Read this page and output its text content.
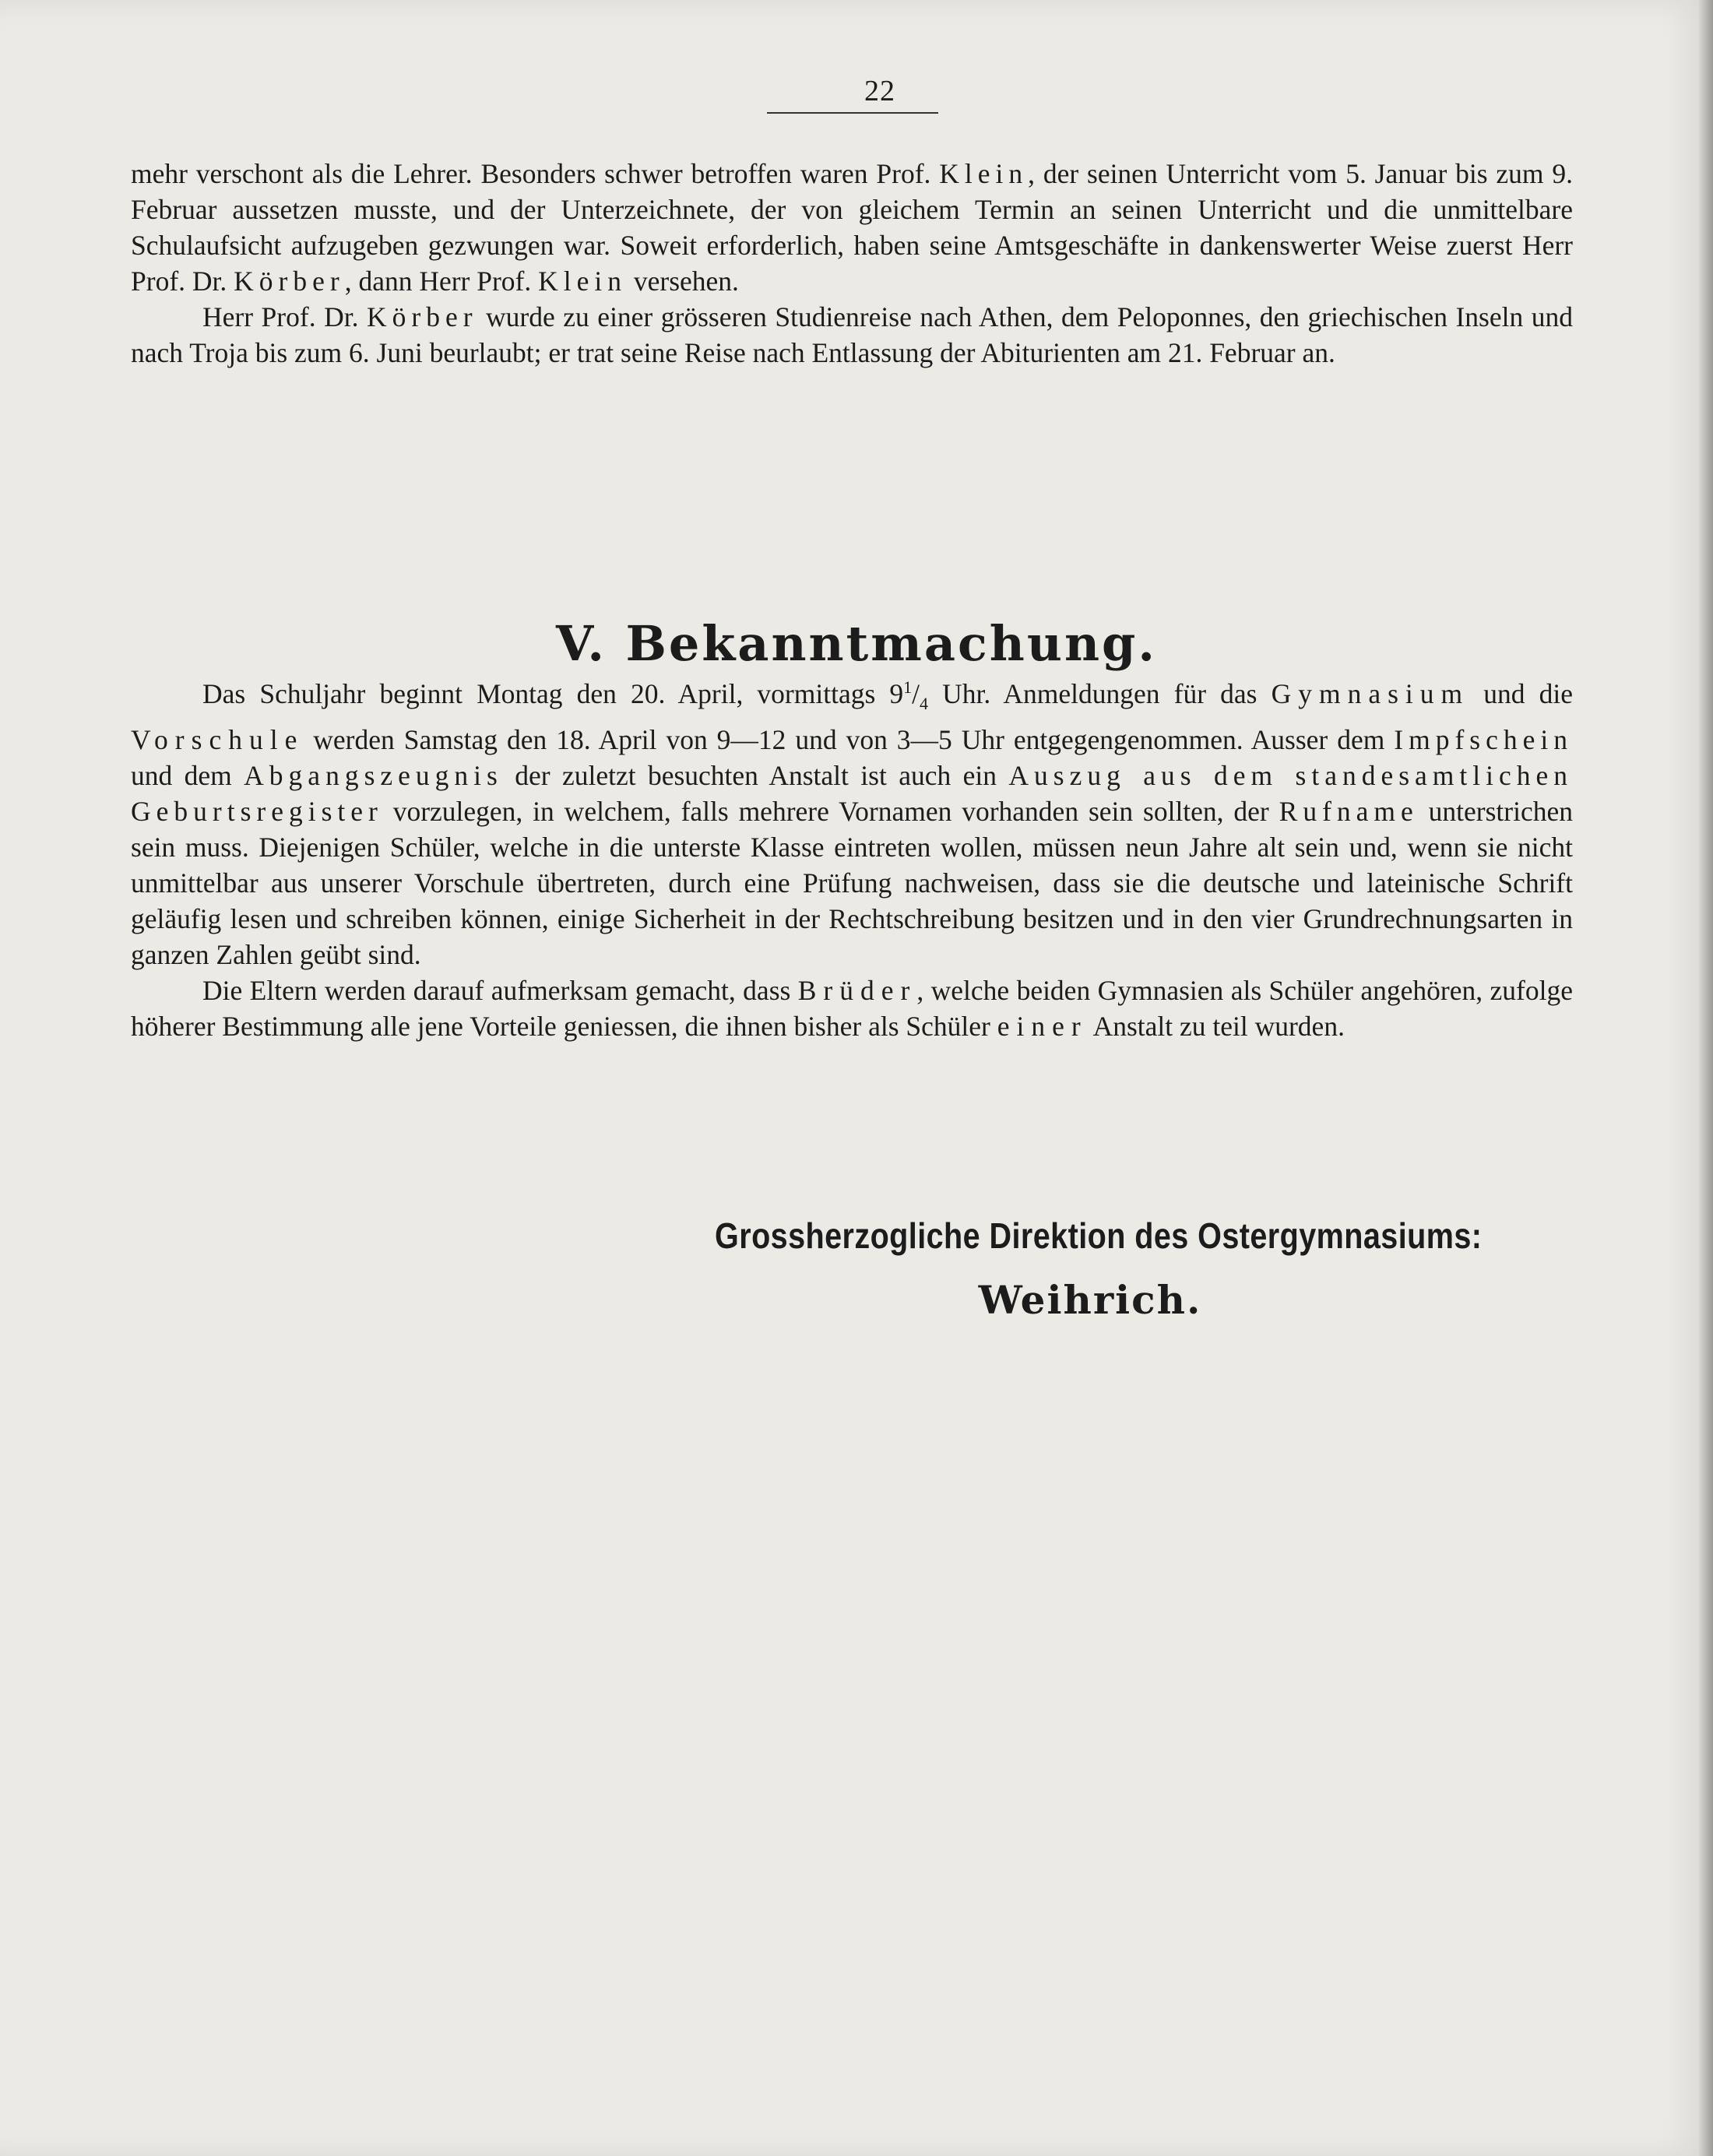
22

mehr verschont als die Lehrer. Besonders schwer betroffen waren Prof. Klein, der seinen Unterricht vom 5. Januar bis zum 9. Februar aussetzen musste, und der Unterzeichnete, der von gleichem Termin an seinen Unterricht und die unmittelbare Schulaufsicht aufzugeben gezwungen war. Soweit erforderlich, haben seine Amtsgeschäfte in dankenswerter Weise zuerst Herr Prof. Dr. Körber, dann Herr Prof. Klein versehen.

Herr Prof. Dr. Körber wurde zu einer grösseren Studienreise nach Athen, dem Peloponnes, den griechischen Inseln und nach Troja bis zum 6. Juni beurlaubt; er trat seine Reise nach Entlassung der Abiturienten am 21. Februar an.

V. Bekanntmachung.

Das Schuljahr beginnt Montag den 20. April, vormittags $9^1/_4$ Uhr. Anmeldungen für das Gymnasium und die Vorschule werden Samstag den 18. April von 9—12 und von 3—5 Uhr entgegengenommen. Ausser dem Impfschein und dem Abgangszeugnis der zuletzt besuchten Anstalt ist auch ein Auszug aus dem standesamtlichen Geburtsregister vorzulegen, in welchem, falls mehrere Vornamen vorhanden sein sollten, der Rufname unterstrichen sein muss. Diejenigen Schüler, welche in die unterste Klasse eintreten wollen, müssen neun Jahre alt sein und, wenn sie nicht unmittelbar aus unserer Vorschule übertreten, durch eine Prüfung nachweisen, dass sie die deutsche und lateinische Schrift geläufig lesen und schreiben können, einige Sicherheit in der Rechtschreibung besitzen und in den vier Grundrechnungsarten in ganzen Zahlen geübt sind.

Die Eltern werden darauf aufmerksam gemacht, dass Brüder, welche beiden Gymnasien als Schüler angehören, zufolge höherer Bestimmung alle jene Vorteile geniessen, die ihnen bisher als Schüler einer Anstalt zu teil wurden.

Grossherzogliche Direktion des Ostergymnasiums:
Weihrich.
